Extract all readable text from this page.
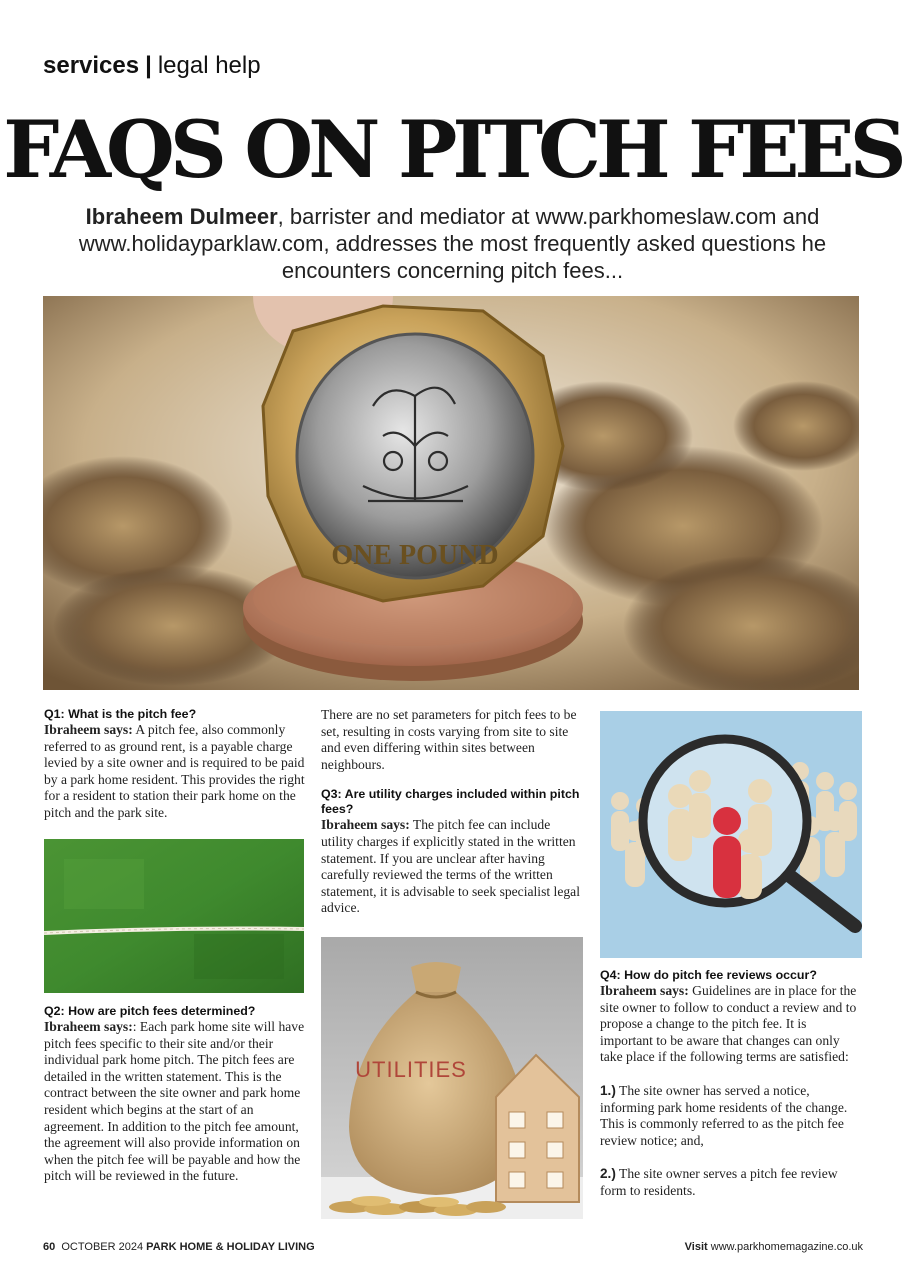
services | legal help
FAQS ON PITCH FEES
Ibraheem Dulmeer, barrister and mediator at www.parkhomeslaw.com and www.holidayparklaw.com, addresses the most frequently asked questions he encounters concerning pitch fees...
ONE POUND
Q1: What is the pitch fee?

Ibraheem says: A pitch fee, also commonly referred to as ground rent, is a payable charge levied by a site owner and is required to be paid by a park home resident. This provides the right for a resident to station their park home on the pitch and the park site.

Q2: How are pitch fees determined?

Ibraheem says:: Each park home site will have pitch fees specific to their site and/or their individual park home pitch. The pitch fees are detailed in the written statement. This is the contract between the site owner and park home resident which begins at the start of an agreement. In addition to the pitch fee amount, the agreement will also provide information on when the pitch fee will be payable and how the pitch will be reviewed in the future.

There are no set parameters for pitch fees to be set, resulting in costs varying from site to site and even differing within sites between neighbours.

Q3: Are utility charges included within pitch fees?

Ibraheem says: The pitch fee can include utility charges if explicitly stated in the written statement. If you are unclear after having carefully reviewed the terms of the written statement, it is advisable to seek specialist legal advice.

UTILITIES
Q4: How do pitch fee reviews occur?

Ibraheem says: Guidelines are in place for the site owner to follow to conduct a review and to propose a change to the pitch fee. It is important to be aware that changes can only take place if the following terms are satisfied:

1.) The site owner has served a notice, informing park home residents of the change. This is commonly referred to as the pitch fee review notice; and,

2.) The site owner serves a pitch fee review form to residents.

60 OCTOBER 2024 PARK HOME & HOLIDAY LIVING	Visit www.parkhomemagazine.co.uk
